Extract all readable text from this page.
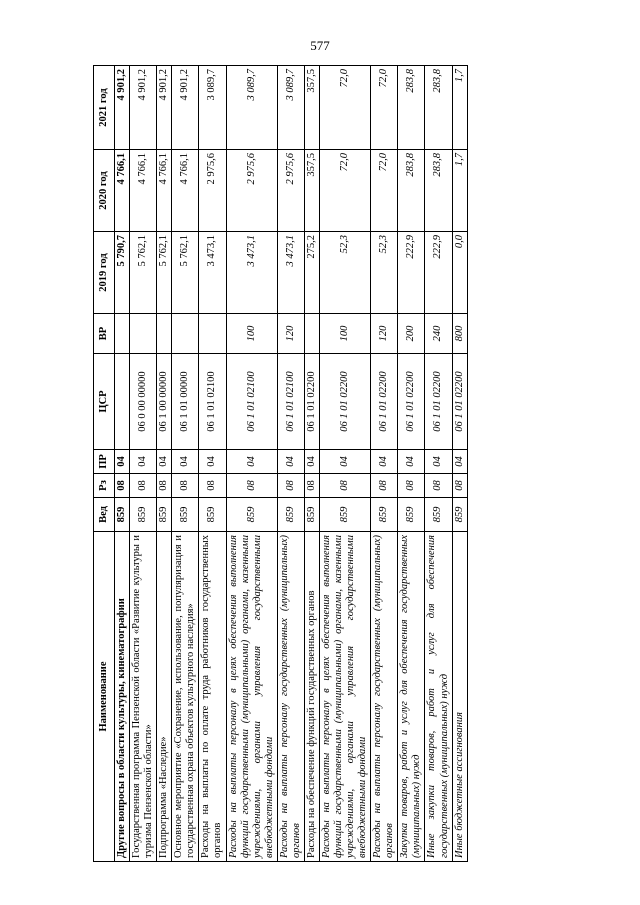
577
Наименование	Вед	Рз	ПР	ЦСР	ВР	2019 год	2020 год	2021 год
Другие вопросы в области культуры, кинематографии	859	08	04			5 790,7	4 766,1	4 901,2
Государственная программа Пензенской области «Развитие культуры и туризма Пензенской области»	859	08	04	06 0 00 00000		5 762,1	4 766,1	4 901,2
Подпрограмма «Наследие»	859	08	04	06 1 00 00000		5 762,1	4 766,1	4 901,2
Основное мероприятие «Сохранение, использование, популяризация и государственная охрана объектов культурного наследия»	859	08	04	06 1 01 00000		5 762,1	4 766,1	4 901,2
Расходы на выплаты по оплате труда работников государственных органов	859	08	04	06 1 01 02100		3 473,1	2 975,6	3 089,7
Расходы на выплаты персоналу в целях обеспечения выполнения функций государственными (муниципальными) органами, казенными учреждениями, органами управления государственными внебюджетными фондами	859	08	04	06 1 01 02100	100	3 473,1	2 975,6	3 089,7
Расходы на выплаты персоналу государственных (муниципальных) органов	859	08	04	06 1 01 02100	120	3 473,1	2 975,6	3 089,7
Расходы на обеспечение функций государственных органов	859	08	04	06 1 01 02200		275,2	357,5	357,5
Расходы на выплаты персоналу в целях обеспечения выполнения функций государственными (муниципальными) органами, казенными учреждениями, органами управления государственными внебюджетными фондами	859	08	04	06 1 01 02200	100	52,3	72,0	72,0
Расходы на выплаты персоналу государственных (муниципальных) органов	859	08	04	06 1 01 02200	120	52,3	72,0	72,0
Закупка товаров, работ и услуг для обеспечения государственных (муниципальных) нужд	859	08	04	06 1 01 02200	200	222,9	283,8	283,8
Иные закупки товаров, работ и услуг для обеспечения государственных (муниципальных) нужд	859	08	04	06 1 01 02200	240	222,9	283,8	283,8
Иные бюджетные ассигнования	859	08	04	06 1 01 02200	800	0,0	1,7	1,7
